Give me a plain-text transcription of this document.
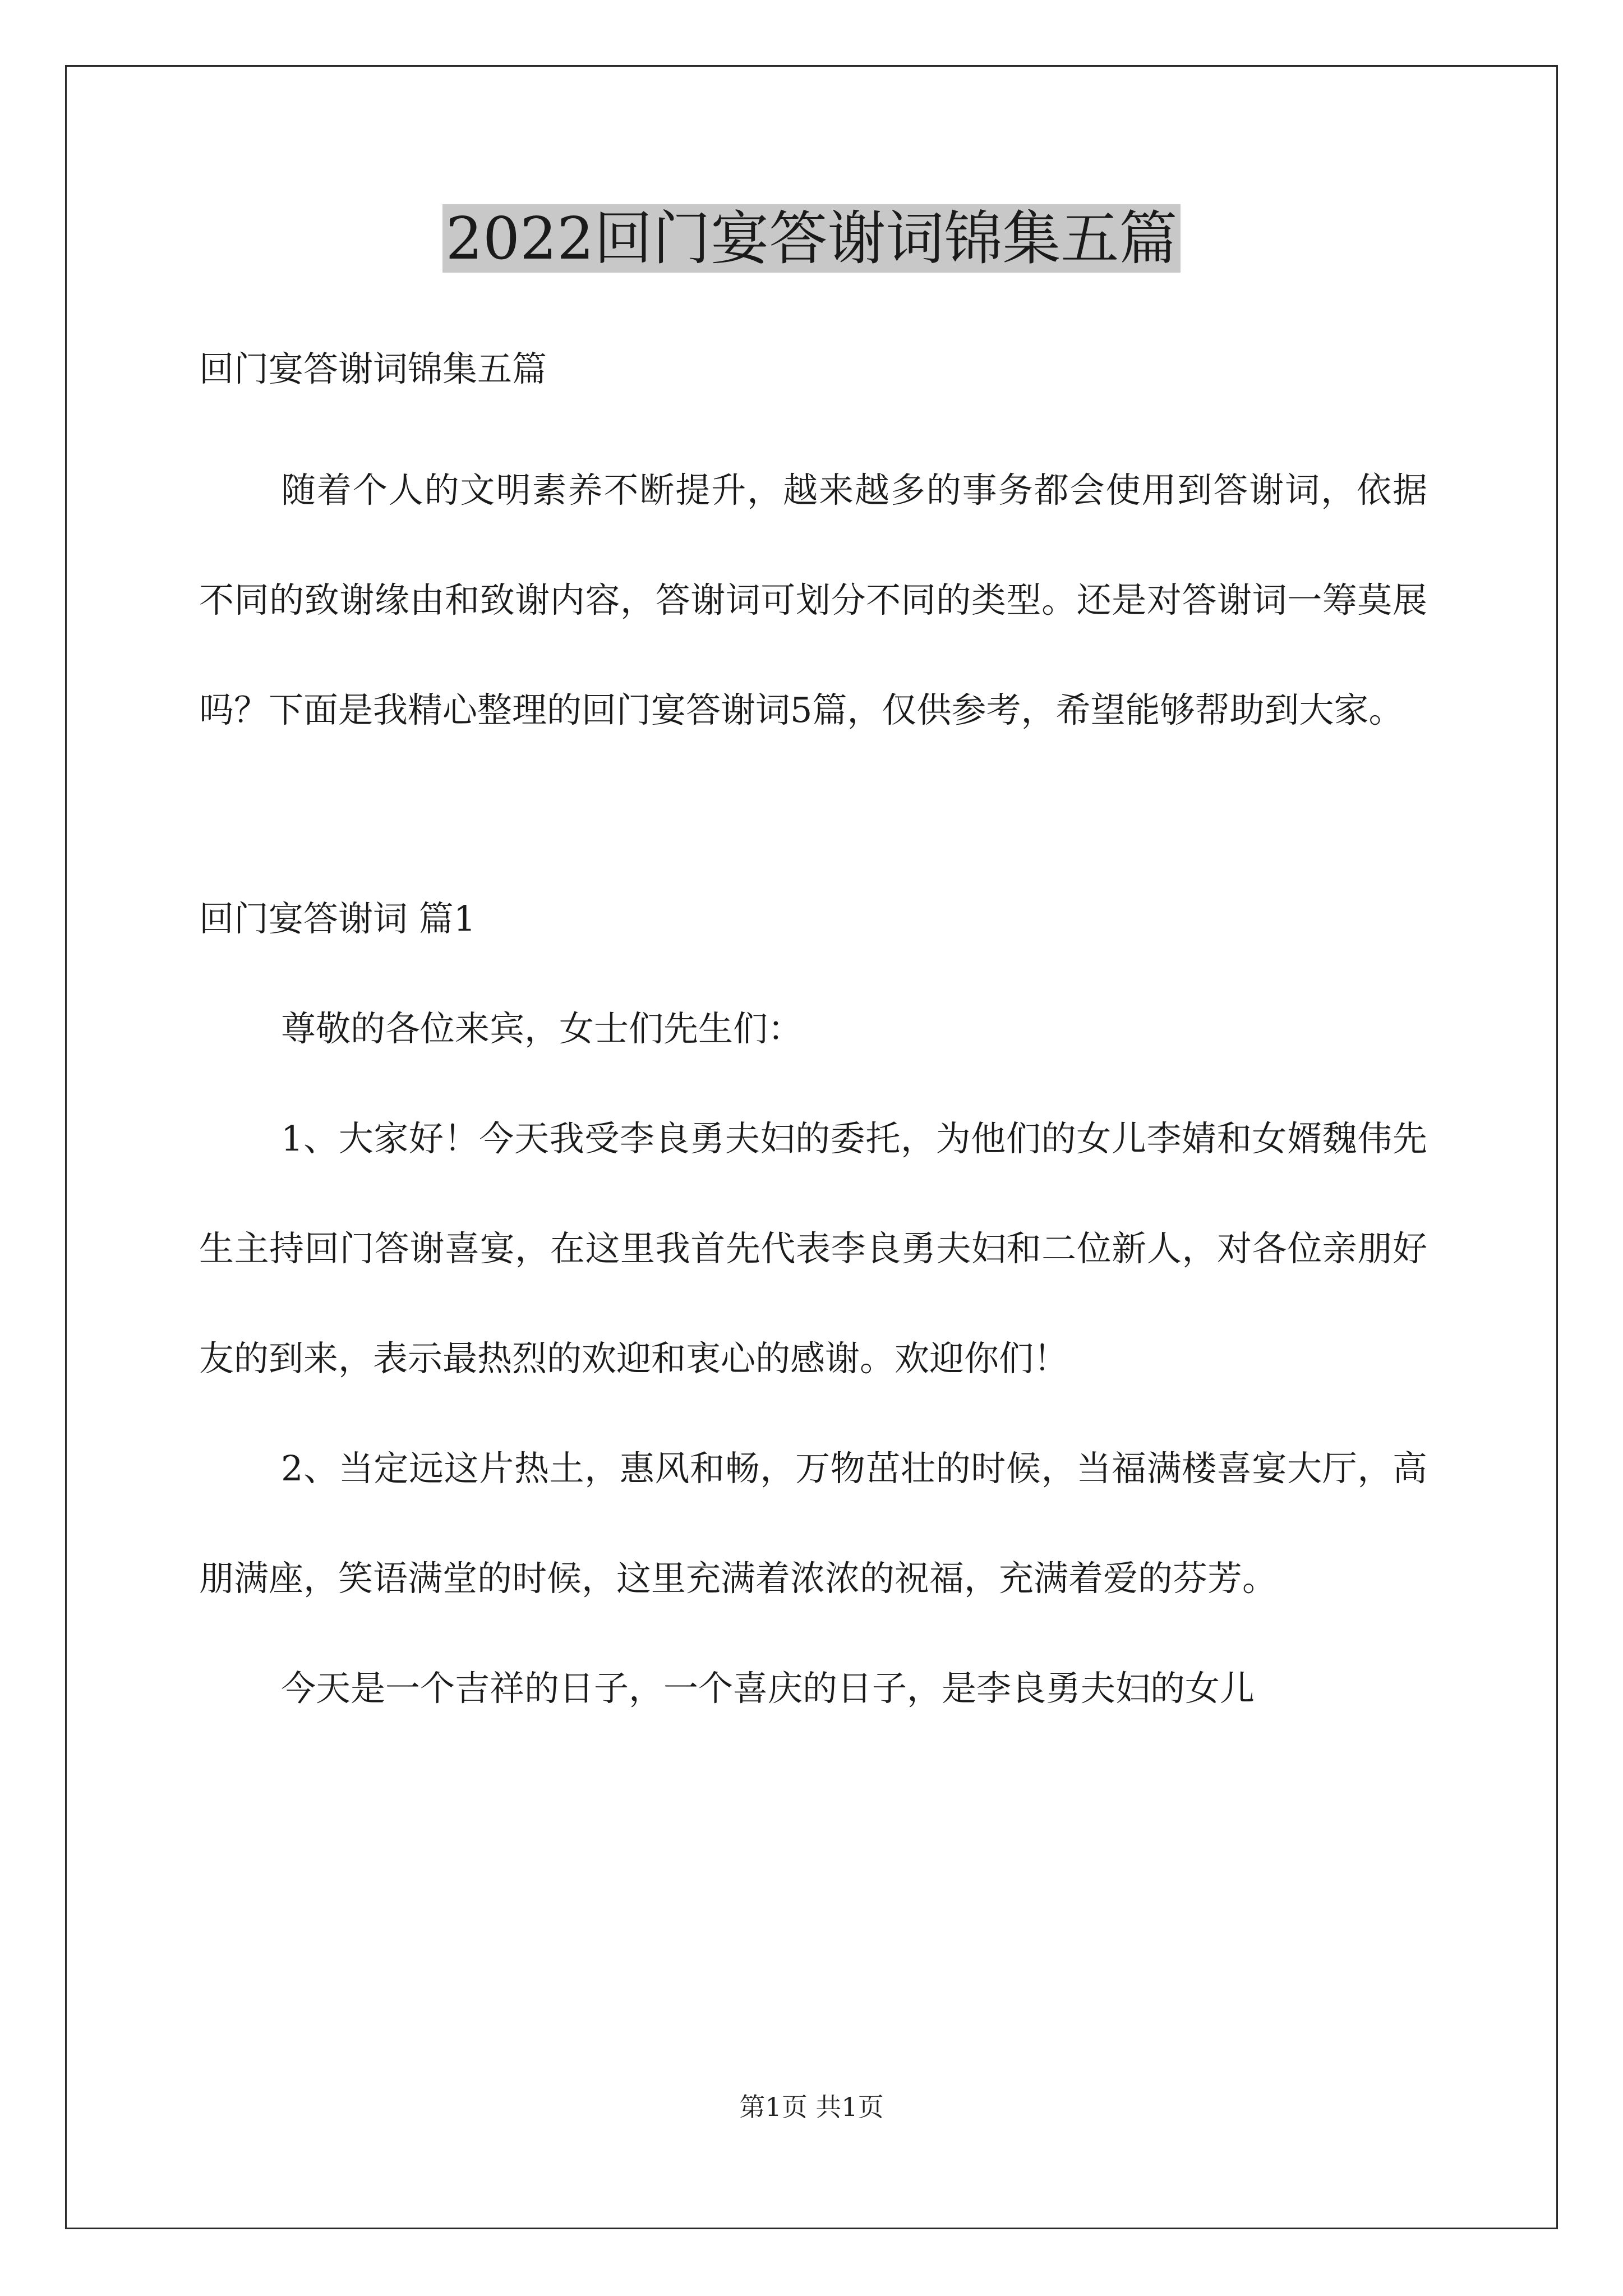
2022回门宴答谢词锦集五篇

回门宴答谢词锦集五篇

随着个人的文明素养不断提升，越来越多的事务都会使用到答谢词，依据不同的致谢缘由和致谢内容，答谢词可划分不同的类型。还是对答谢词一筹莫展吗？下面是我精心整理的回门宴答谢词5篇，仅供参考，希望能够帮助到大家。

回门宴答谢词 篇1

尊敬的各位来宾，女士们先生们：

1、大家好！今天我受李良勇夫妇的委托，为他们的女儿李婧和女婿魏伟先生主持回门答谢喜宴，在这里我首先代表李良勇夫妇和二位新人，对各位亲朋好友的到来，表示最热烈的欢迎和衷心的感谢。欢迎你们！

2、当定远这片热土，惠风和畅，万物茁壮的时候，当福满楼喜宴大厅，高朋满座，笑语满堂的时候，这里充满着浓浓的祝福，充满着爱的芬芳。

今天是一个吉祥的日子，一个喜庆的日子，是李良勇夫妇的女儿

第1页 共1页
